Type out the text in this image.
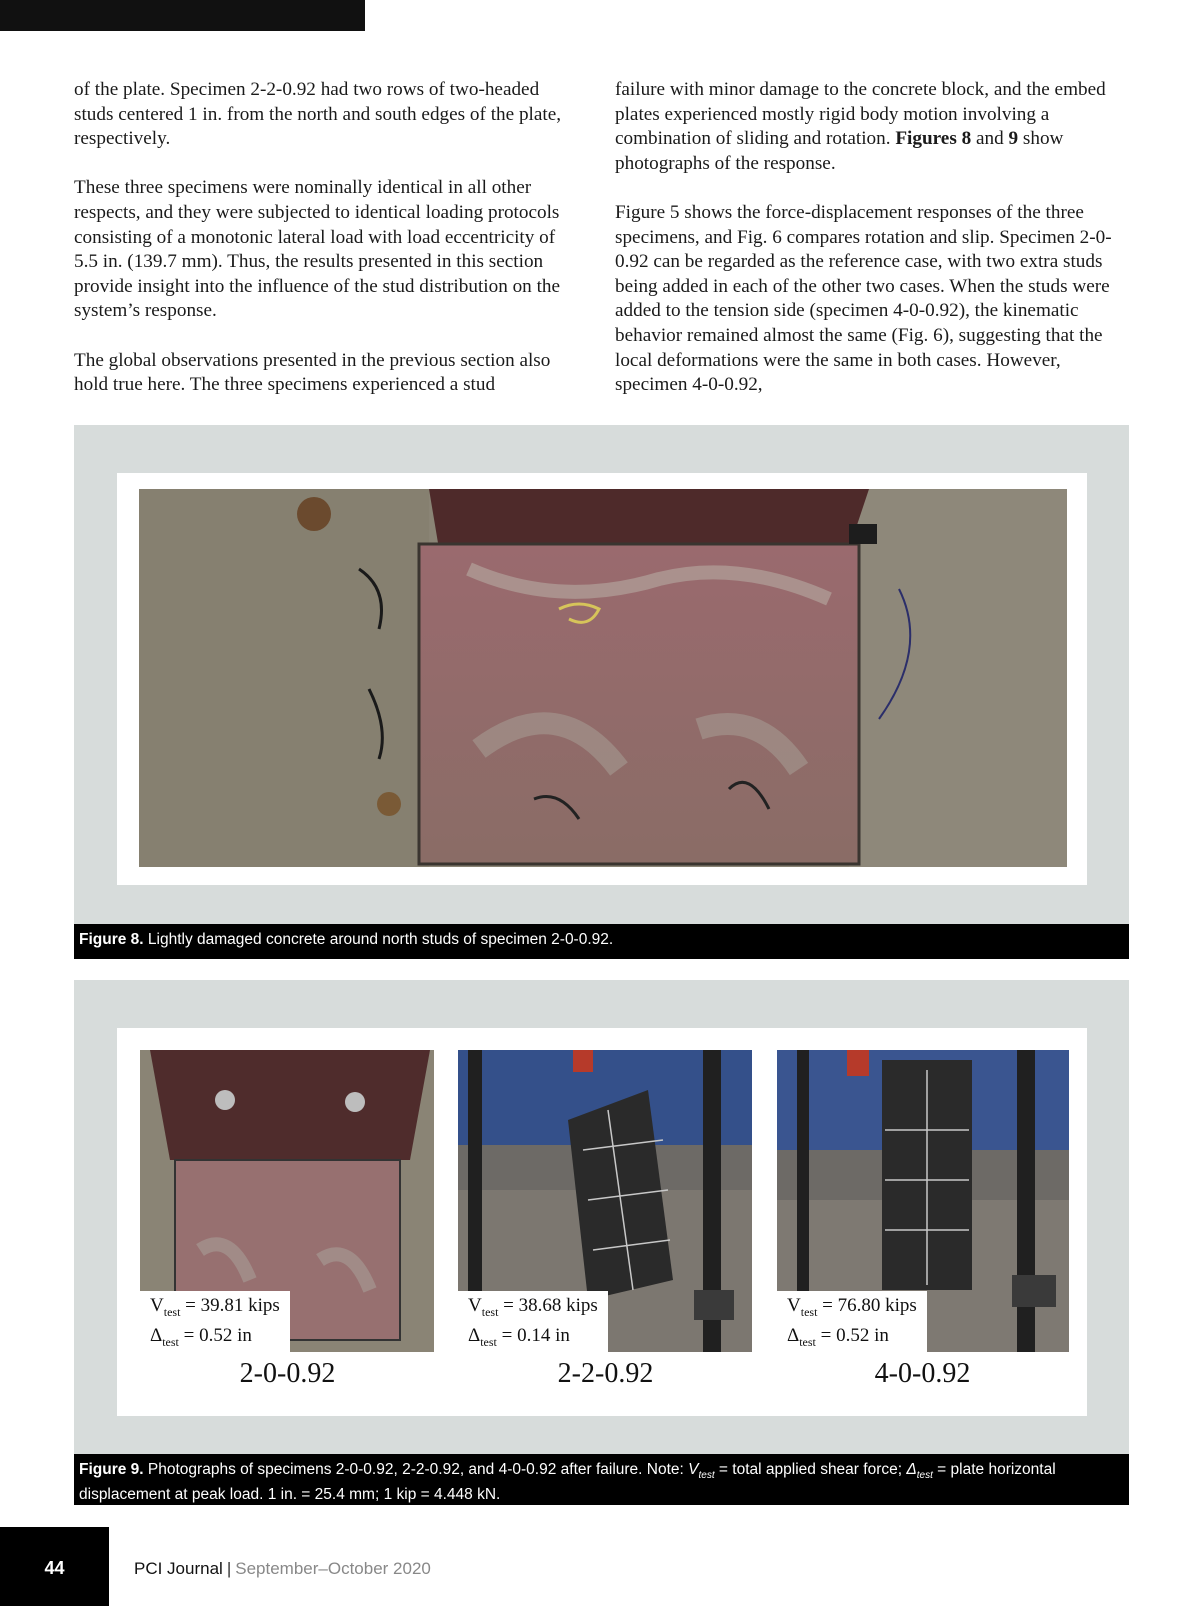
of the plate. Specimen 2-2-0.92 had two rows of two-headed studs centered 1 in. from the north and south edges of the plate, respectively.

These three specimens were nominally identical in all other respects, and they were subjected to identical loading protocols consisting of a monotonic lateral load with load eccentricity of 5.5 in. (139.7 mm). Thus, the results presented in this section provide insight into the influence of the stud distribution on the system’s response.

The global observations presented in the previous section also hold true here. The three specimens experienced a stud

failure with minor damage to the concrete block, and the embed plates experienced mostly rigid body motion involving a combination of sliding and rotation. Figures 8 and 9 show photographs of the response.

Figure 5 shows the force-displacement responses of the three specimens, and Fig. 6 compares rotation and slip. Specimen 2-0-0.92 can be regarded as the reference case, with two extra studs being added in each of the other two cases. When the studs were added to the tension side (specimen 4-0-0.92), the kinematic behavior remained almost the same (Fig. 6), suggesting that the local deformations were the same in both cases. However, specimen 4-0-0.92,

Figure 8. Lightly damaged concrete around north studs of specimen 2-0-0.92.
$V_{test} = 39.81$ kips
$\Delta_{test} = 0.52$ in
2-0-0.92
$V_{test} = 38.68$ kips
$\Delta_{test} = 0.14$ in
2-2-0.92
$V_{test} = 76.80$ kips
$\Delta_{test} = 0.52$ in
4-0-0.92
Figure 9. Photographs of specimens 2-0-0.92, 2-2-0.92, and 4-0-0.92 after failure. Note: $V_{test}$ = total applied shear force; $\Delta_{test}$ = plate horizontal displacement at peak load. 1 in. = 25.4 mm; 1 kip = 4.448 kN.
44	PCI Journal | September–October 2020
